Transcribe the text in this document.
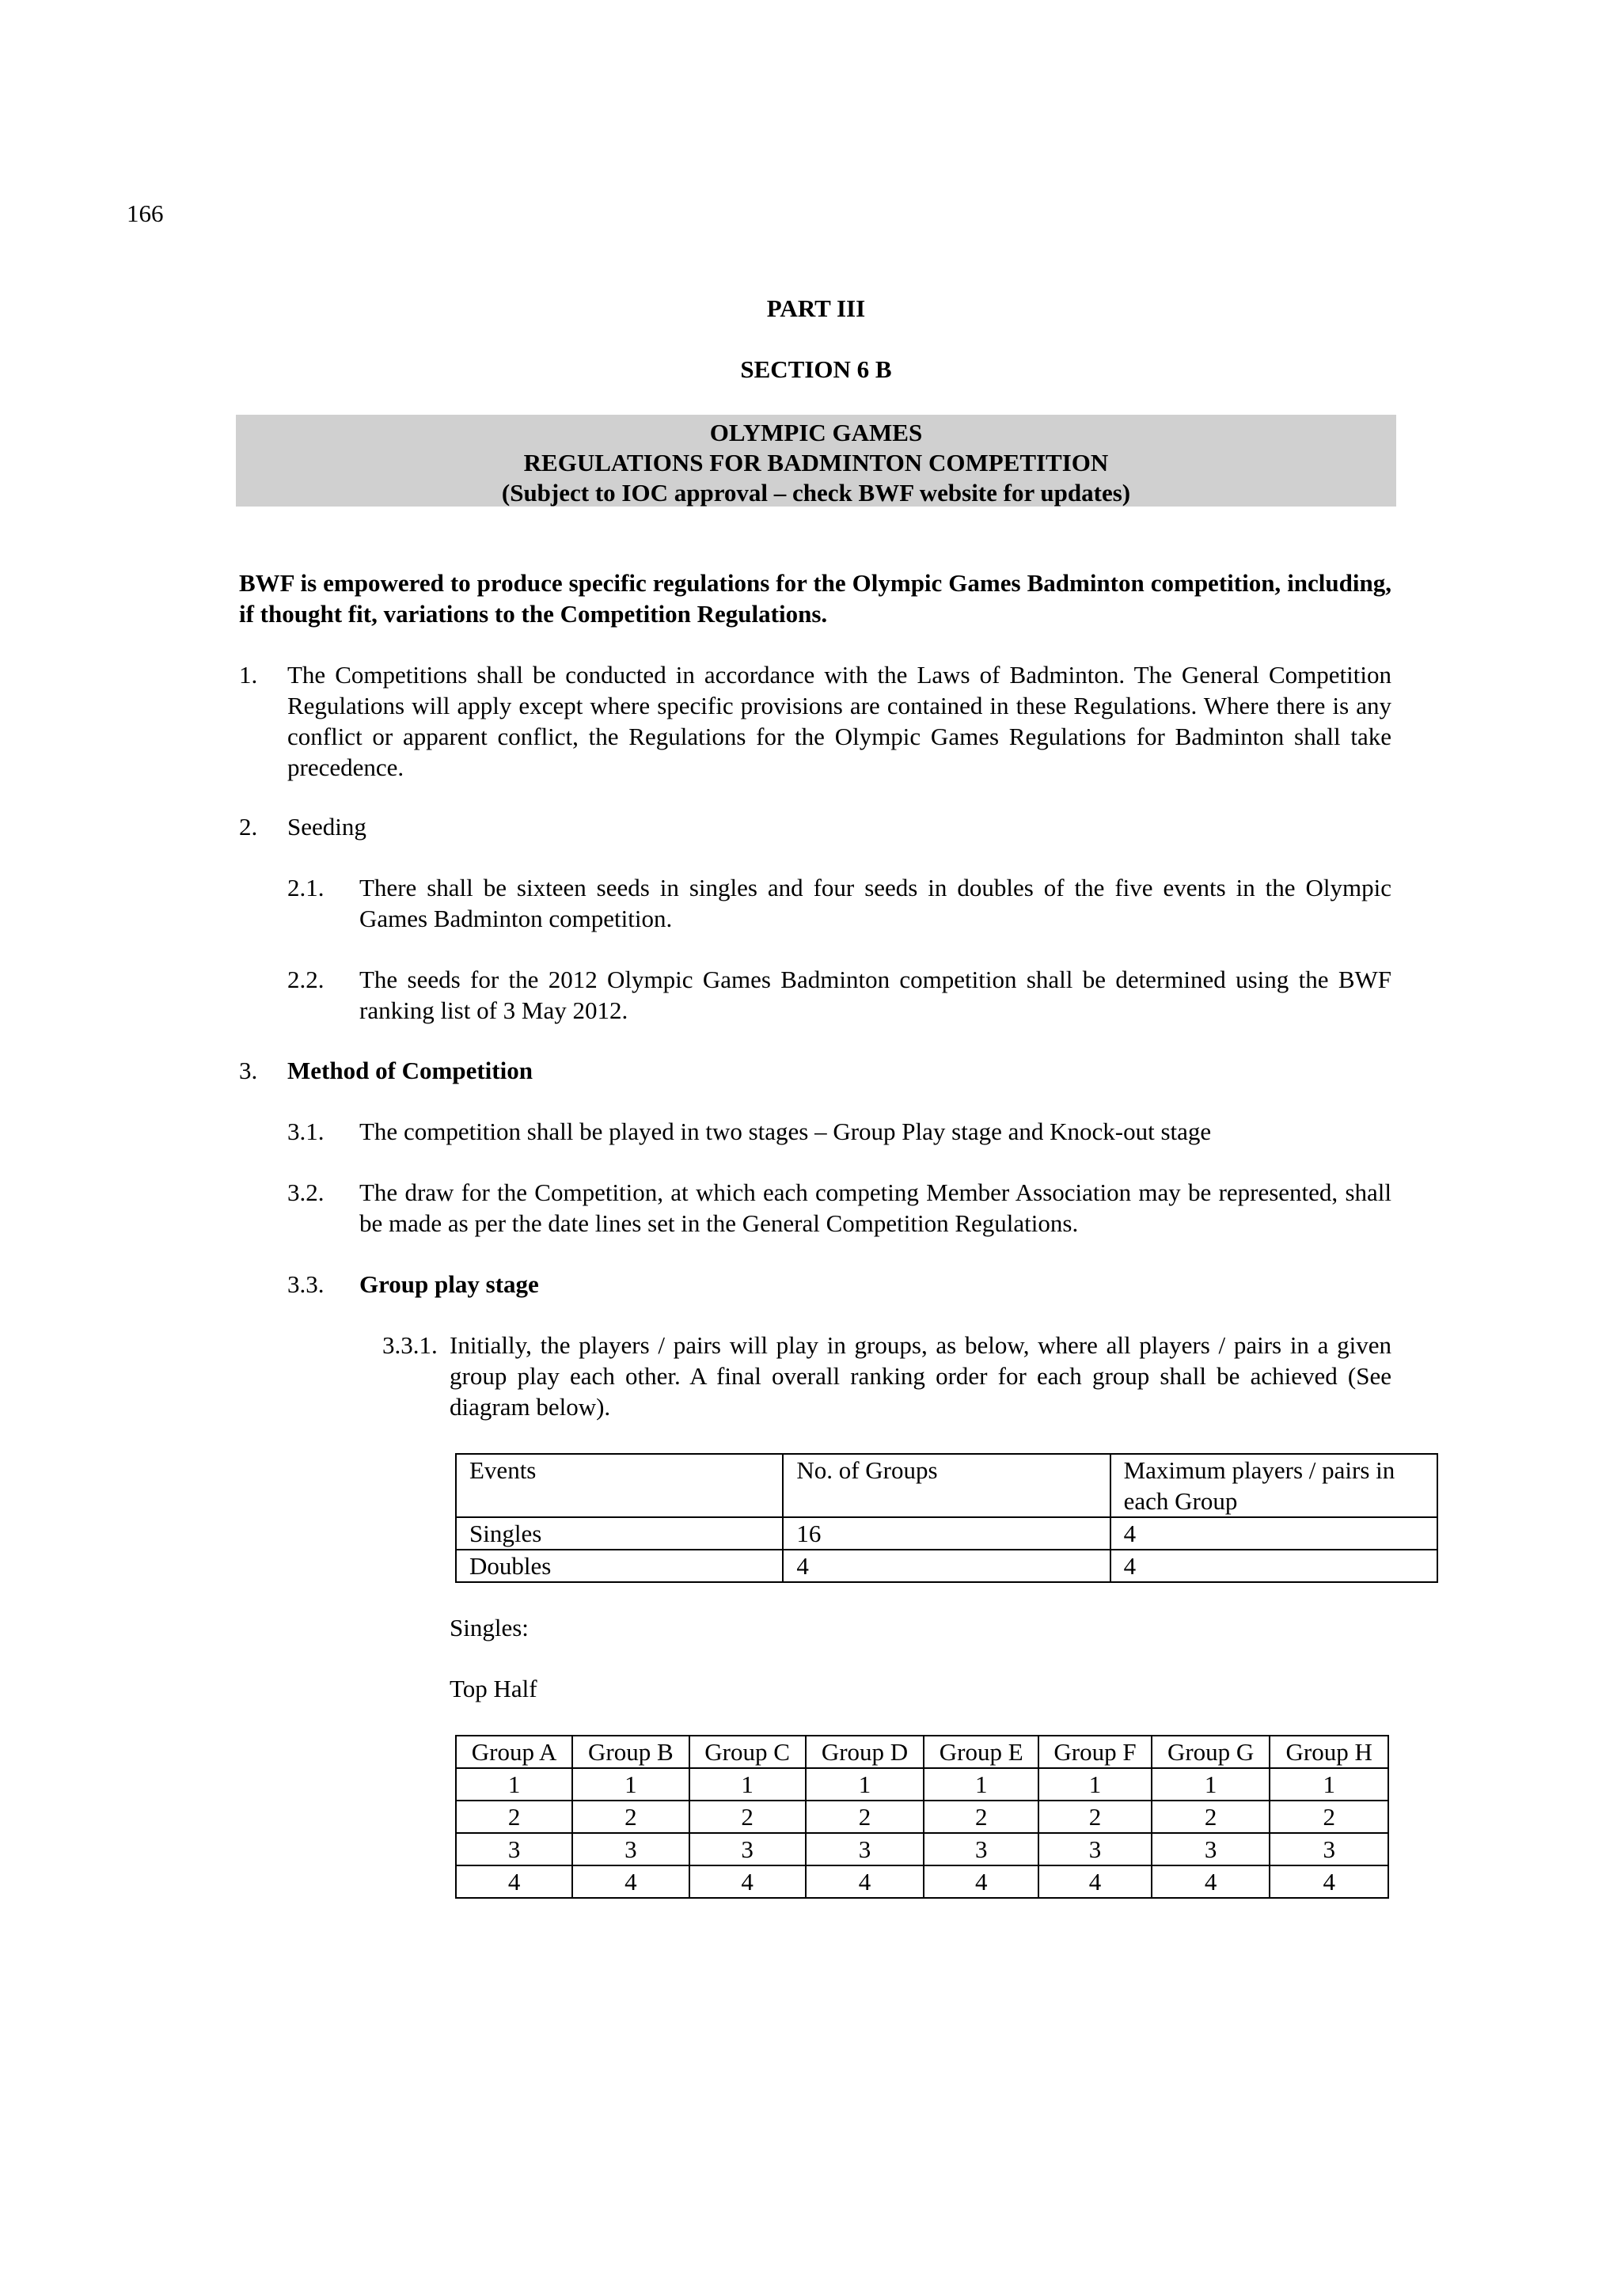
166
PART III
SECTION 6 B
OLYMPIC GAMES
REGULATIONS FOR BADMINTON COMPETITION
(Subject to IOC approval – check BWF website for updates)
BWF is empowered to produce specific regulations for the Olympic Games Badminton competition, including, if thought fit, variations to the Competition Regulations.
1. The Competitions shall be conducted in accordance with the Laws of Badminton. The General Competition Regulations will apply except where specific provisions are contained in these Regulations. Where there is any conflict or apparent conflict, the Regulations for the Olympic Games Regulations for Badminton shall take precedence.
2. Seeding
2.1. There shall be sixteen seeds in singles and four seeds in doubles of the five events in the Olympic Games Badminton competition.
2.2. The seeds for the 2012 Olympic Games Badminton competition shall be determined using the BWF ranking list of 3 May 2012.
3. Method of Competition
3.1. The competition shall be played in two stages – Group Play stage and Knock-out stage
3.2. The draw for the Competition, at which each competing Member Association may be represented, shall be made as per the date lines set in the General Competition Regulations.
3.3. Group play stage
3.3.1. Initially, the players / pairs will play in groups, as below, where all players / pairs in a given group play each other. A final overall ranking order for each group shall be achieved (See diagram below).
Events	No. of Groups	Maximum players / pairs in each Group
Singles	16	4
Doubles	4	4
Singles:
Top Half
Group A	Group B	Group C	Group D	Group E	Group F	Group G	Group H
1	1	1	1	1	1	1	1
2	2	2	2	2	2	2	2
3	3	3	3	3	3	3	3
4	4	4	4	4	4	4	4
